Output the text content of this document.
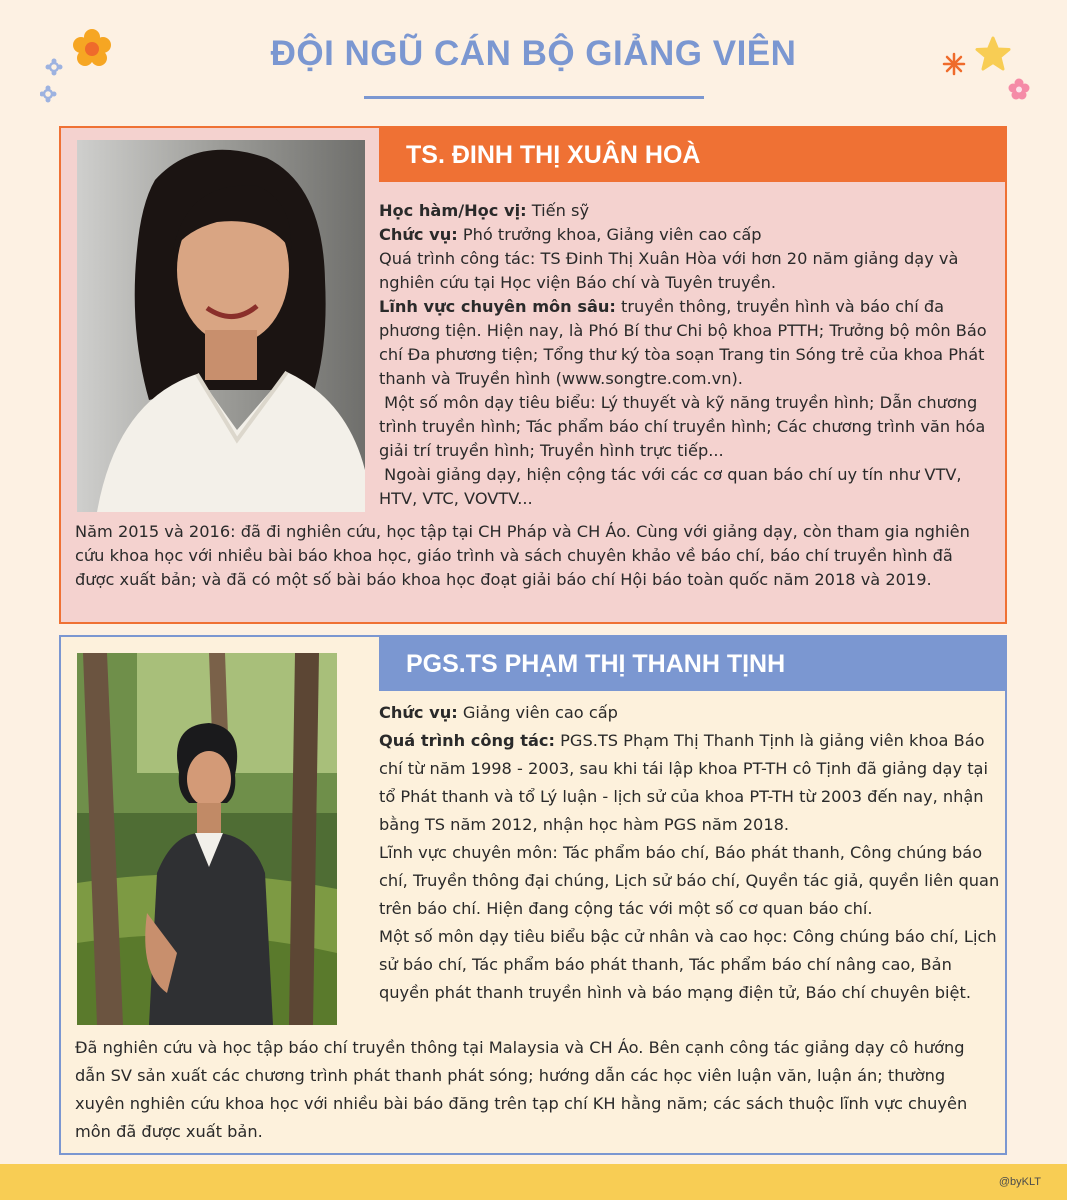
ĐỘI NGŨ CÁN BỘ GIẢNG VIÊN
TS. ĐINH THỊ XUÂN HOÀ

Học hàm/Học vị: Tiến sỹ

Chức vụ: Phó trưởng khoa, Giảng viên cao cấp

Quá trình công tác: TS Đinh Thị Xuân Hòa với hơn 20 năm giảng dạy và nghiên cứu tại Học viện Báo chí và Tuyên truyền.

Lĩnh vực chuyên môn sâu: truyền thông, truyền hình và báo chí đa phương tiện. Hiện nay, là Phó Bí thư Chi bộ khoa PTTH; Trưởng bộ môn Báo chí Đa phương tiện; Tổng thư ký tòa soạn Trang tin Sóng trẻ của khoa Phát thanh và Truyền hình (www.songtre.com.vn).

Một số môn dạy tiêu biểu: Lý thuyết và kỹ năng truyền hình; Dẫn chương trình truyền hình; Tác phẩm báo chí truyền hình; Các chương trình văn hóa giải trí truyền hình; Truyền hình trực tiếp...

Ngoài giảng dạy, hiện cộng tác với các cơ quan báo chí uy tín như VTV, HTV, VTC, VOVTV...

Năm 2015 và 2016: đã đi nghiên cứu, học tập tại CH Pháp và CH Áo. Cùng với giảng dạy, còn tham gia nghiên cứu khoa học với nhiều bài báo khoa học, giáo trình và sách chuyên khảo về báo chí, báo chí truyền hình đã được xuất bản; và đã có một số bài báo khoa học đoạt giải báo chí Hội báo toàn quốc năm 2018 và 2019.

PGS.TS PHẠM THỊ THANH TỊNH

Chức vụ: Giảng viên cao cấp

Quá trình công tác: PGS.TS Phạm Thị Thanh Tịnh là giảng viên khoa Báo chí từ năm 1998 - 2003, sau khi tái lập khoa PT-TH cô Tịnh đã giảng dạy tại tổ Phát thanh và tổ Lý luận - lịch sử của khoa PT-TH từ 2003 đến nay, nhận bằng TS năm 2012, nhận học hàm PGS năm 2018.

Lĩnh vực chuyên môn: Tác phẩm báo chí, Báo phát thanh, Công chúng báo chí, Truyền thông đại chúng, Lịch sử báo chí, Quyền tác giả, quyền liên quan trên báo chí. Hiện đang cộng tác với một số cơ quan báo chí.

Một số môn dạy tiêu biểu bậc cử nhân và cao học: Công chúng báo chí, Lịch sử báo chí, Tác phẩm báo phát thanh, Tác phẩm báo chí nâng cao, Bản quyền phát thanh truyền hình và báo mạng điện tử, Báo chí chuyên biệt.

Đã nghiên cứu và học tập báo chí truyền thông tại Malaysia và CH Áo. Bên cạnh công tác giảng dạy cô hướng dẫn SV sản xuất các chương trình phát thanh phát sóng; hướng dẫn các học viên luận văn, luận án; thường xuyên nghiên cứu khoa học với nhiều bài báo đăng trên tạp chí KH hằng năm; các sách thuộc lĩnh vực chuyên môn đã được xuất bản.

@byKLT
